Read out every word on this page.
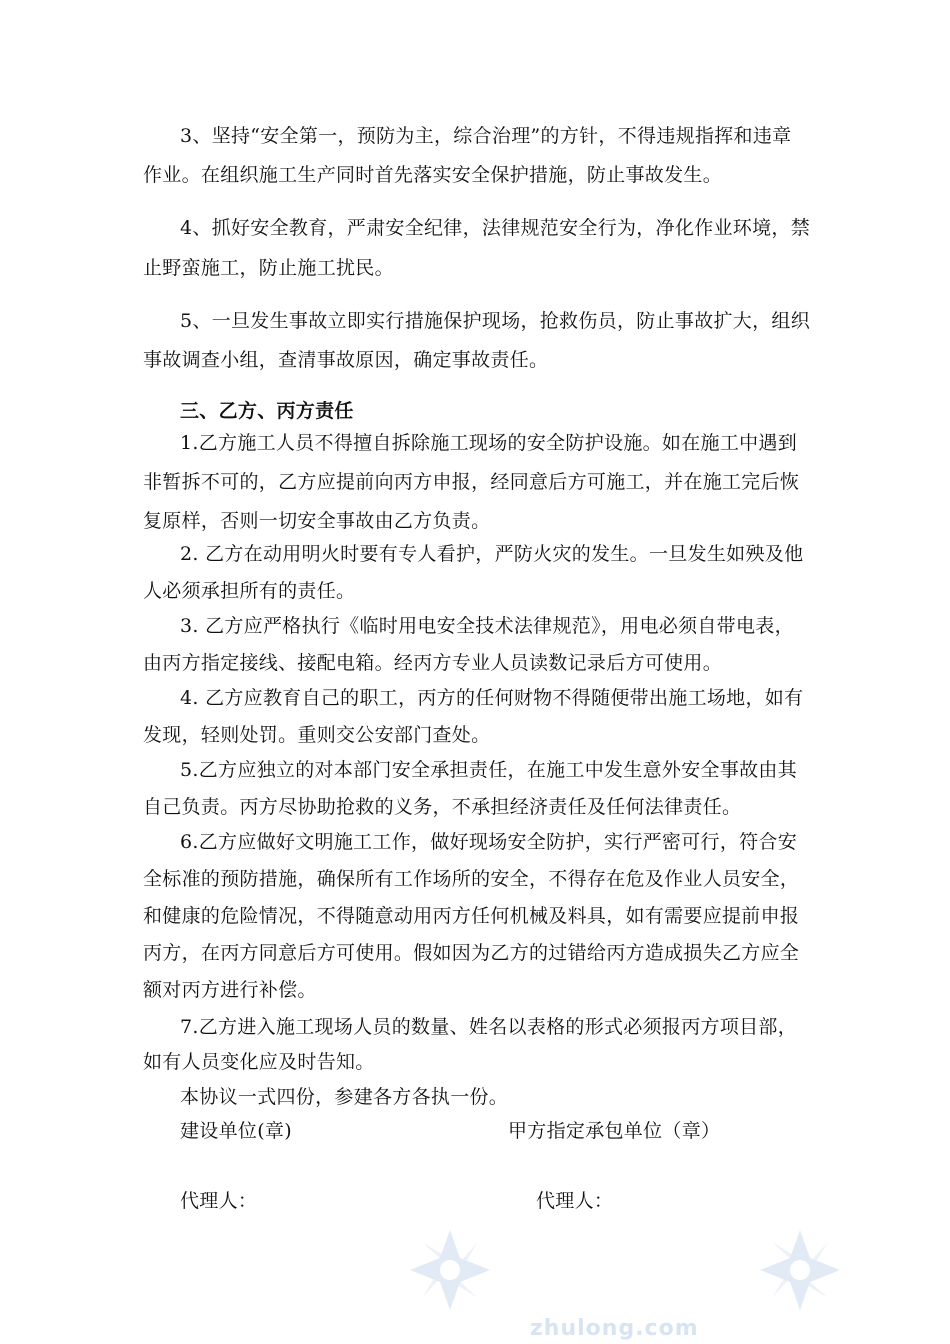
3、坚持“安全第一，预防为主，综合治理”的方针，不得违规指挥和违章
作业。在组织施工生产同时首先落实安全保护措施，防止事故发生。
4、抓好安全教育，严肃安全纪律，法律规范安全行为，净化作业环境，禁
止野蛮施工，防止施工扰民。
5、一旦发生事故立即实行措施保护现场，抢救伤员，防止事故扩大，组织
事故调查小组，查清事故原因，确定事故责任。
三、乙方、丙方责任
1.乙方施工人员不得擅自拆除施工现场的安全防护设施。如在施工中遇到
非暂拆不可的，乙方应提前向丙方申报，经同意后方可施工，并在施工完后恢
复原样，否则一切安全事故由乙方负责。
2. 乙方在动用明火时要有专人看护，严防火灾的发生。一旦发生如殃及他
人必须承担所有的责任。
3. 乙方应严格执行《临时用电安全技术法律规范》，用电必须自带电表，
由丙方指定接线、接配电箱。经丙方专业人员读数记录后方可使用。
4. 乙方应教育自己的职工，丙方的任何财物不得随便带出施工场地，如有
发现，轻则处罚。重则交公安部门查处。
5.乙方应独立的对本部门安全承担责任，在施工中发生意外安全事故由其
自己负责。丙方尽协助抢救的义务，不承担经济责任及任何法律责任。
6.乙方应做好文明施工工作，做好现场安全防护，实行严密可行，符合安
全标准的预防措施，确保所有工作场所的安全，不得存在危及作业人员安全，
和健康的危险情况，不得随意动用丙方任何机械及料具，如有需要应提前申报
丙方，在丙方同意后方可使用。假如因为乙方的过错给丙方造成损失乙方应全
额对丙方进行补偿。
7.乙方进入施工现场人员的数量、姓名以表格的形式必须报丙方项目部，
如有人员变化应及时告知。
本协议一式四份，参建各方各执一份。
建设单位(章)	甲方指定承包单位（章）
代理人：	代理人：
zhulong.com
